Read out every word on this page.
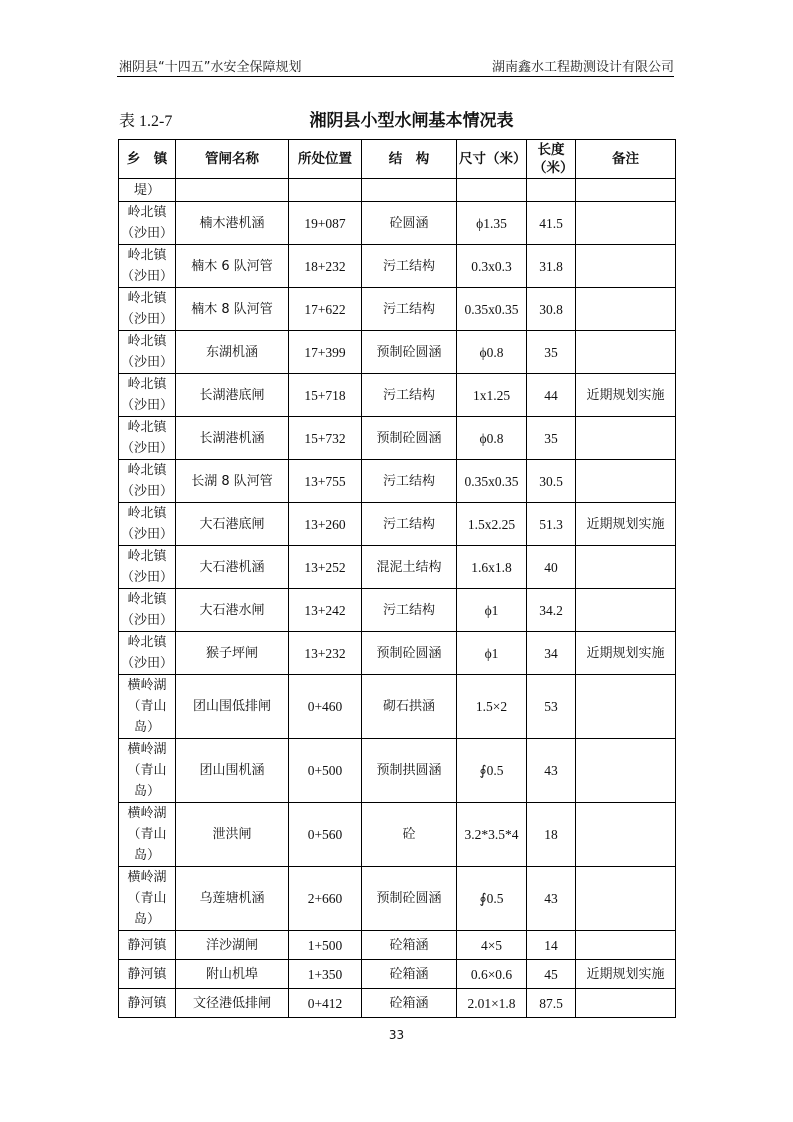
湘阴县“十四五”水安全保障规划	湖南鑫水工程勘测设计有限公司
表 1.2-7	湘阴县小型水闸基本情况表
乡　镇	管闸名称	所处位置	结　构	尺寸（米）	长度（米）	备注
堤）						
岭北镇
（沙田）	楠木港机涵	19+087	砼圆涵	ϕ1.35	41.5	
岭北镇
（沙田）	楠木 6 队河管	18+232	污工结构	0.3x0.3	31.8	
岭北镇
（沙田）	楠木 8 队河管	17+622	污工结构	0.35x0.35	30.8	
岭北镇
（沙田）	东湖机涵	17+399	预制砼圆涵	ϕ0.8	35	
岭北镇
（沙田）	长湖港底闸	15+718	污工结构	1x1.25	44	近期规划实施
岭北镇
（沙田）	长湖港机涵	15+732	预制砼圆涵	ϕ0.8	35	
岭北镇
（沙田）	长湖 8 队河管	13+755	污工结构	0.35x0.35	30.5	
岭北镇
（沙田）	大石港底闸	13+260	污工结构	1.5x2.25	51.3	近期规划实施
岭北镇
（沙田）	大石港机涵	13+252	混泥土结构	1.6x1.8	40	
岭北镇
（沙田）	大石港水闸	13+242	污工结构	ϕ1	34.2	
岭北镇
（沙田）	猴子坪闸	13+232	预制砼圆涵	ϕ1	34	近期规划实施
横岭湖
（青山
岛）	团山围低排闸	0+460	砌石拱涵	1.5×2	53	
横岭湖
（青山
岛）	团山围机涵	0+500	预制拱圆涵	∮0.5	43	
横岭湖
（青山
岛）	泄洪闸	0+560	砼	3.2*3.5*4	18	
横岭湖
（青山
岛）	乌莲塘机涵	2+660	预制砼圆涵	∮0.5	43	
静河镇	洋沙湖闸	1+500	砼箱涵	4×5	14	
静河镇	附山机埠	1+350	砼箱涵	0.6×0.6	45	近期规划实施
静河镇	文径港低排闸	0+412	砼箱涵	2.01×1.8	87.5	
33
